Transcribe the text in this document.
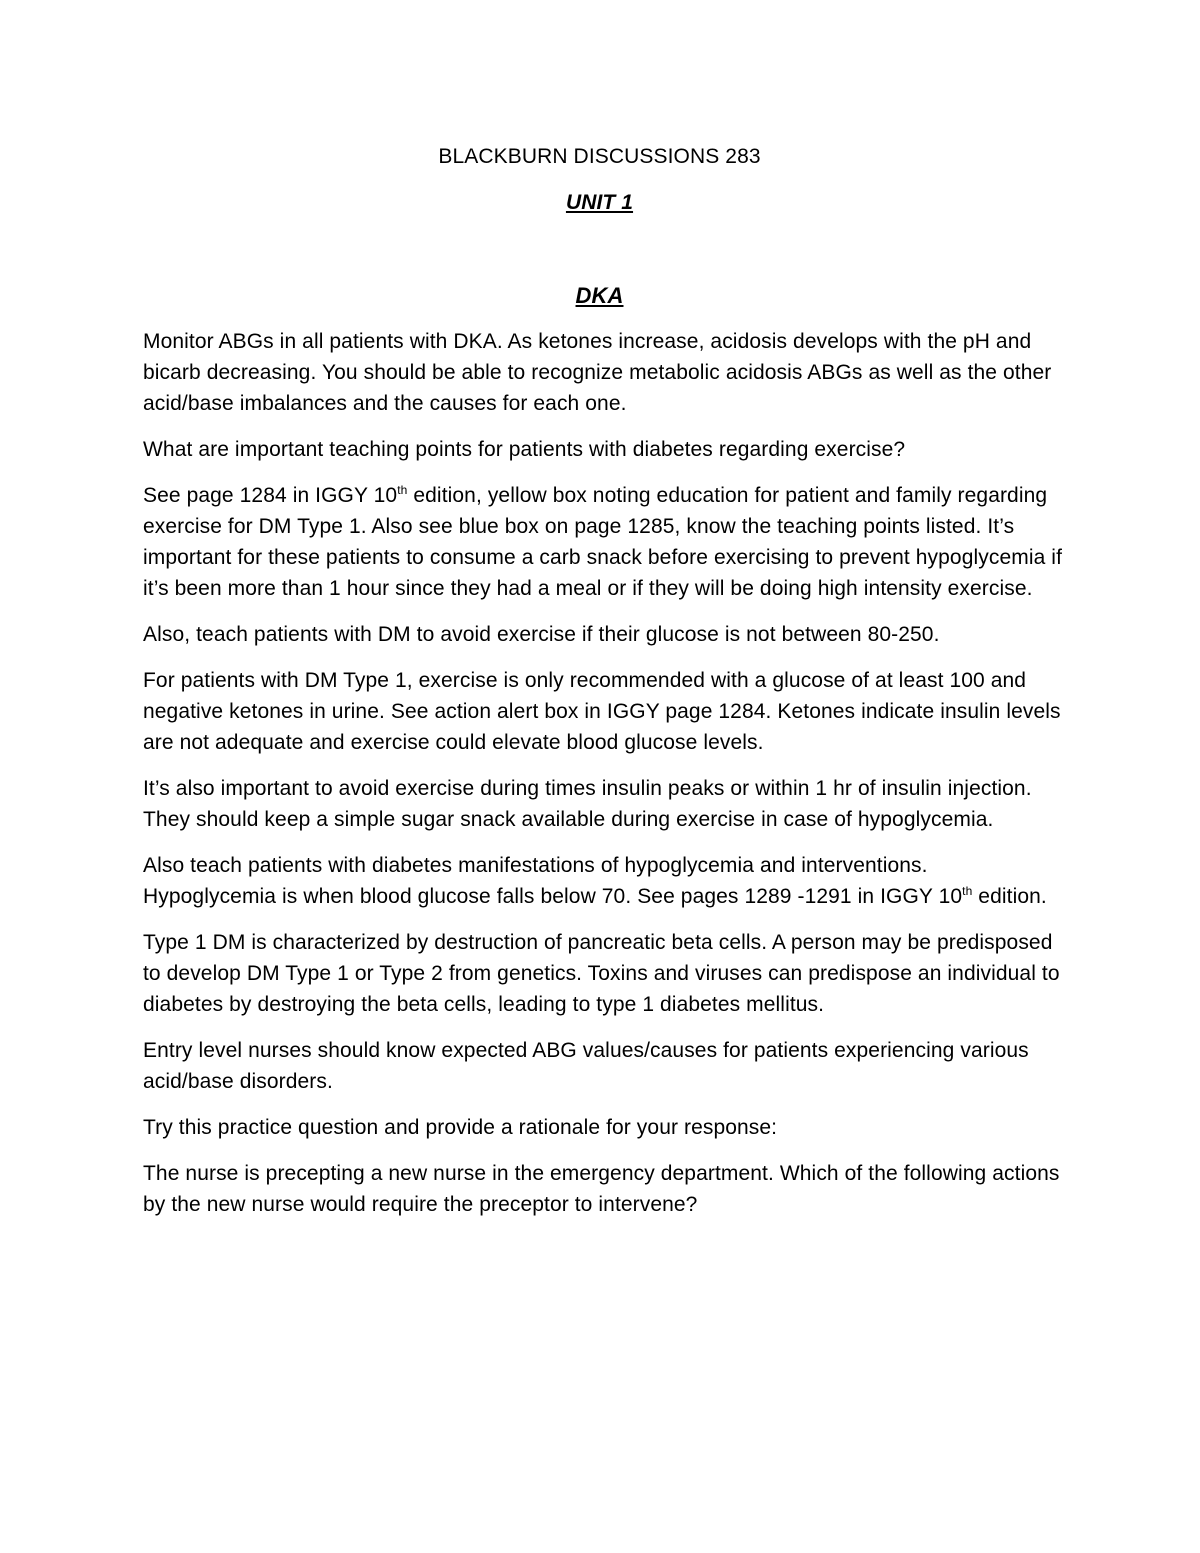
BLACKBURN DISCUSSIONS 283
UNIT 1
DKA

Monitor ABGs in all patients with DKA. As ketones increase, acidosis develops with the pH and bicarb decreasing. You should be able to recognize metabolic acidosis ABGs as well as the other acid/base imbalances and the causes for each one.

What are important teaching points for patients with diabetes regarding exercise?

See page 1284 in IGGY 10th edition, yellow box noting education for patient and family regarding exercise for DM Type 1. Also see blue box on page 1285, know the teaching points listed. It’s important for these patients to consume a carb snack before exercising to prevent hypoglycemia if it’s been more than 1 hour since they had a meal or if they will be doing high intensity exercise.

Also, teach patients with DM to avoid exercise if their glucose is not between 80-250.

For patients with DM Type 1, exercise is only recommended with a glucose of at least 100 and negative ketones in urine. See action alert box in IGGY page 1284. Ketones indicate insulin levels are not adequate and exercise could elevate blood glucose levels.

It’s also important to avoid exercise during times insulin peaks or within 1 hr of insulin injection. They should keep a simple sugar snack available during exercise in case of hypoglycemia.

Also teach patients with diabetes manifestations of hypoglycemia and interventions. Hypoglycemia is when blood glucose falls below 70. See pages 1289 -1291 in IGGY 10th edition.

Type 1 DM is characterized by destruction of pancreatic beta cells. A person may be predisposed to develop DM Type 1 or Type 2 from genetics. Toxins and viruses can predispose an individual to diabetes by destroying the beta cells, leading to type 1 diabetes mellitus.

Entry level nurses should know expected ABG values/causes for patients experiencing various acid/base disorders.

Try this practice question and provide a rationale for your response:

The nurse is precepting a new nurse in the emergency department. Which of the following actions by the new nurse would require the preceptor to intervene?
